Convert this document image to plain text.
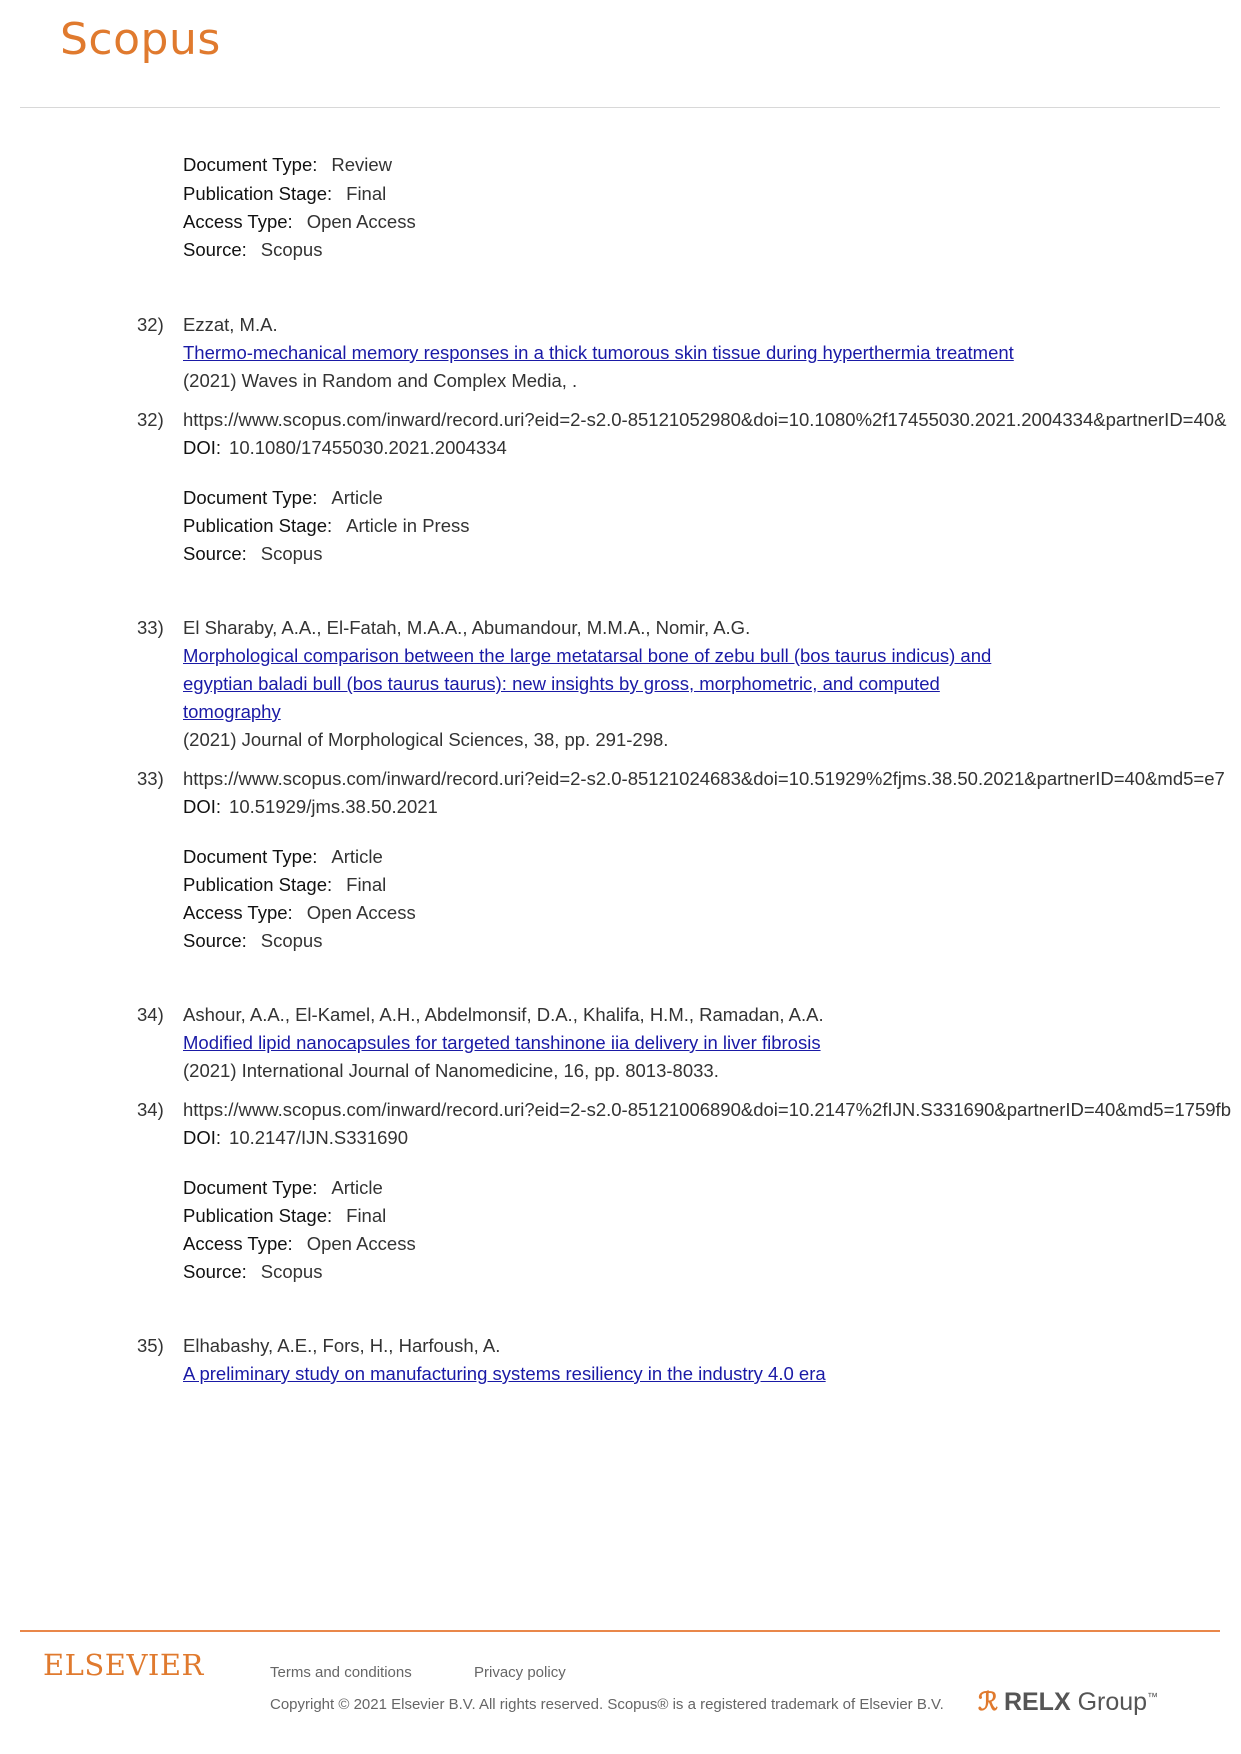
Scopus
Document Type: Review
Publication Stage: Final
Access Type: Open Access
Source: Scopus
32) Ezzat, M.A.
Thermo-mechanical memory responses in a thick tumorous skin tissue during hyperthermia treatment
(2021) Waves in Random and Complex Media, .
32) https://www.scopus.com/inward/record.uri?eid=2-s2.0-85121052980&doi=10.1080%2f17455030.2021.2004334&partnerID=40&
DOI: 10.1080/17455030.2021.2004334
Document Type: Article
Publication Stage: Article in Press
Source: Scopus
33) El Sharaby, A.A., El-Fatah, M.A.A., Abumandour, M.M.A., Nomir, A.G.
Morphological comparison between the large metatarsal bone of zebu bull (bos taurus indicus) and
egyptian baladi bull (bos taurus taurus): new insights by gross, morphometric, and computed
tomography
(2021) Journal of Morphological Sciences, 38, pp. 291-298.
33) https://www.scopus.com/inward/record.uri?eid=2-s2.0-85121024683&doi=10.51929%2fjms.38.50.2021&partnerID=40&md5=e7
DOI: 10.51929/jms.38.50.2021
Document Type: Article
Publication Stage: Final
Access Type: Open Access
Source: Scopus
34) Ashour, A.A., El-Kamel, A.H., Abdelmonsif, D.A., Khalifa, H.M., Ramadan, A.A.
Modified lipid nanocapsules for targeted tanshinone iia delivery in liver fibrosis
(2021) International Journal of Nanomedicine, 16, pp. 8013-8033.
34) https://www.scopus.com/inward/record.uri?eid=2-s2.0-85121006890&doi=10.2147%2fIJN.S331690&partnerID=40&md5=1759fb
DOI: 10.2147/IJN.S331690
Document Type: Article
Publication Stage: Final
Access Type: Open Access
Source: Scopus
35) Elhabashy, A.E., Fors, H., Harfoush, A.
A preliminary study on manufacturing systems resiliency in the industry 4.0 era
ELSEVIER	Terms and conditions	Privacy policy
Copyright © 2021 Elsevier B.V. All rights reserved. Scopus® is a registered trademark of Elsevier B.V. ℛ RELX Group™
